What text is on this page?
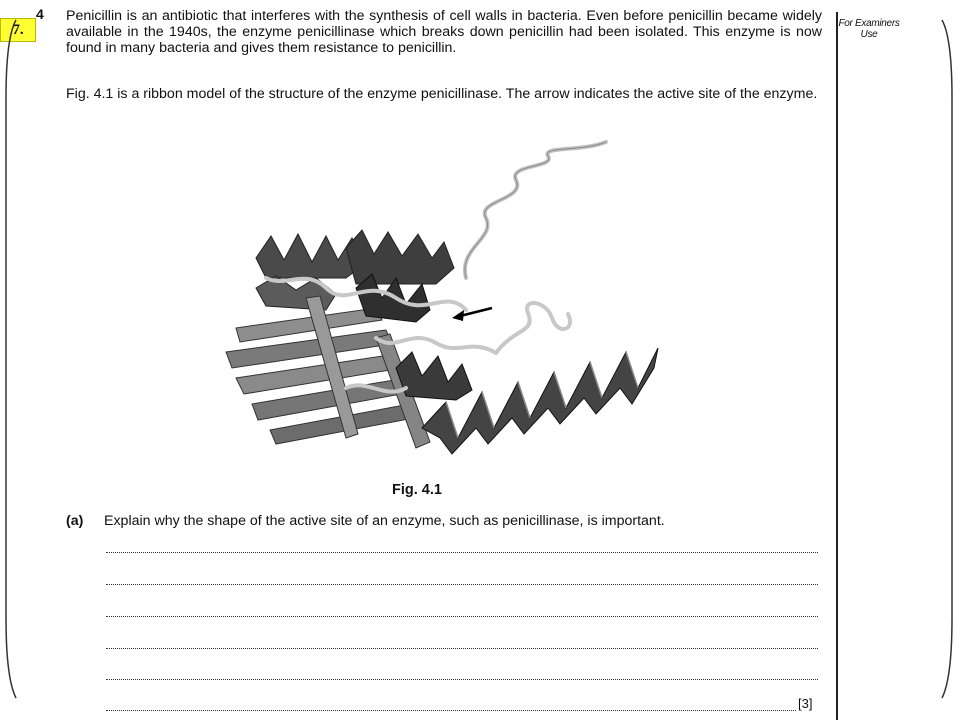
7.
4 Penicillin is an antibiotic that interferes with the synthesis of cell walls in bacteria. Even before penicillin became widely available in the 1940s, the enzyme penicillinase which breaks down penicillin had been isolated. This enzyme is now found in many bacteria and gives them resistance to penicillin.

Fig. 4.1 is a ribbon model of the structure of the enzyme penicillinase. The arrow indicates the active site of the enzyme.

For Examiners Use
Fig. 4.1
(a) Explain why the shape of the active site of an enzyme, such as penicillinase, is important.
[3]
